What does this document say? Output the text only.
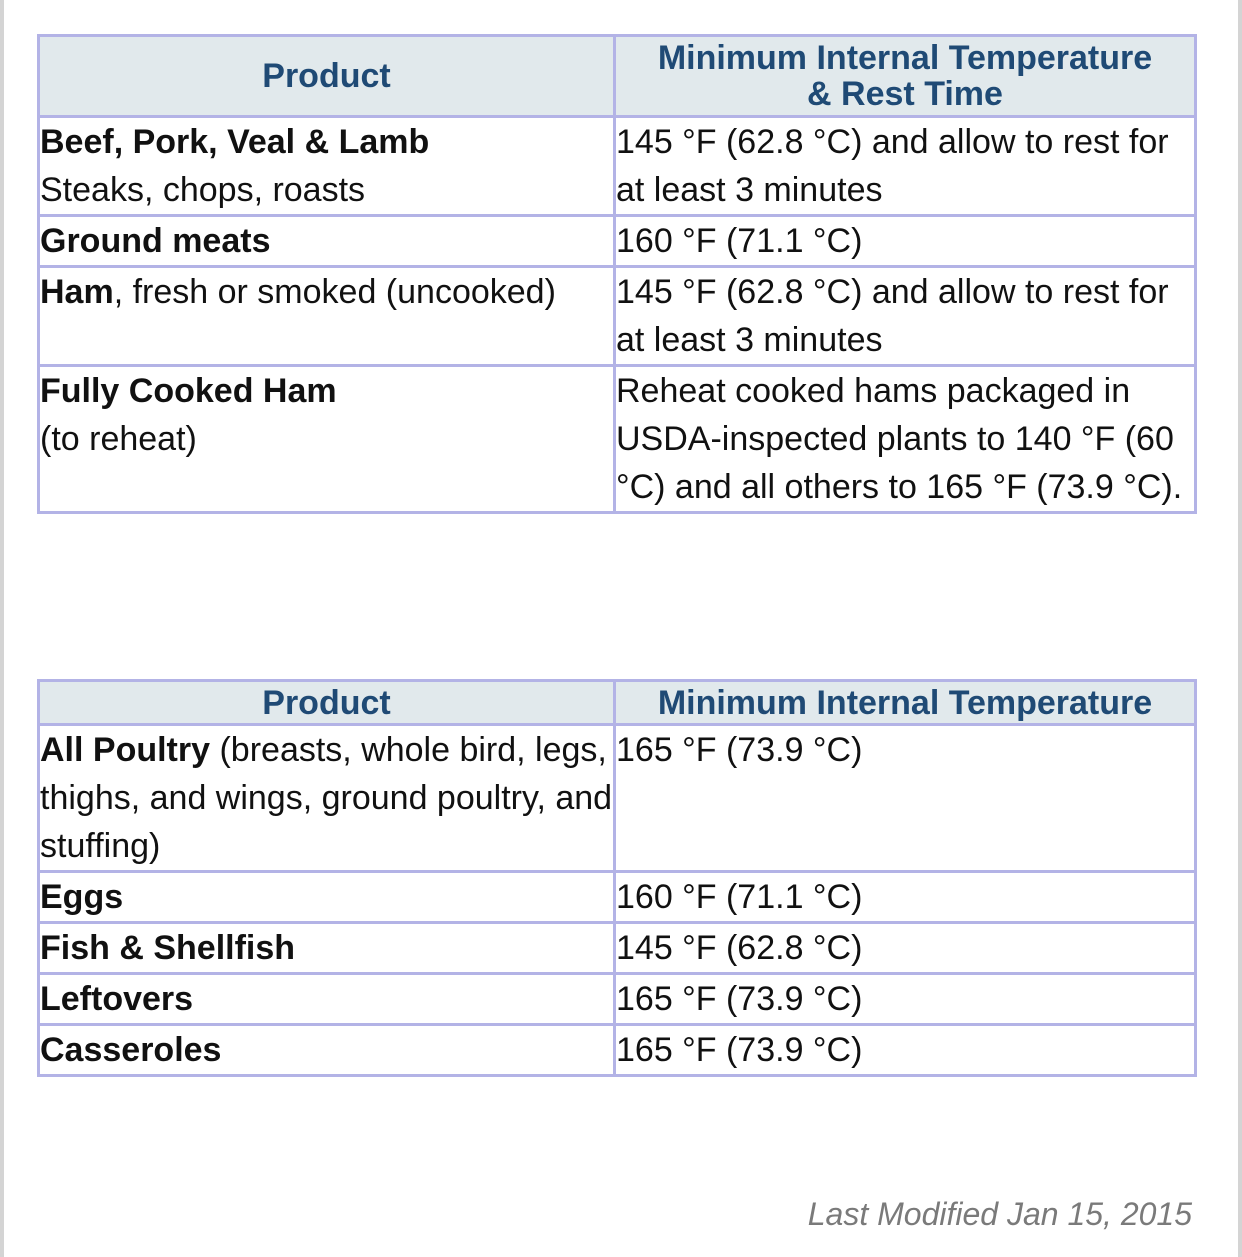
Product	Minimum Internal Temperature
& Rest Time

Beef, Pork, Veal & Lamb
Steaks, chops, roasts	145 °F (62.8 °C) and allow to rest for at least 3 minutes
Ground meats	160 °F (71.1 °C)
Ham, fresh or smoked (uncooked)	145 °F (62.8 °C) and allow to rest for at least 3 minutes

Fully Cooked Ham
(to reheat)	Reheat cooked hams packaged in USDA-inspected plants to 140 °F (60 °C) and all others to 165 °F (73.9 °C).
Product	Minimum Internal Temperature
All Poultry (breasts, whole bird, legs, thighs, and wings, ground poultry, and stuffing)	165 °F (73.9 °C)
Eggs	160 °F (71.1 °C)
Fish & Shellfish	145 °F (62.8 °C)
Leftovers	165 °F (73.9 °C)
Casseroles	165 °F (73.9 °C)
Last Modified Jan 15, 2015
